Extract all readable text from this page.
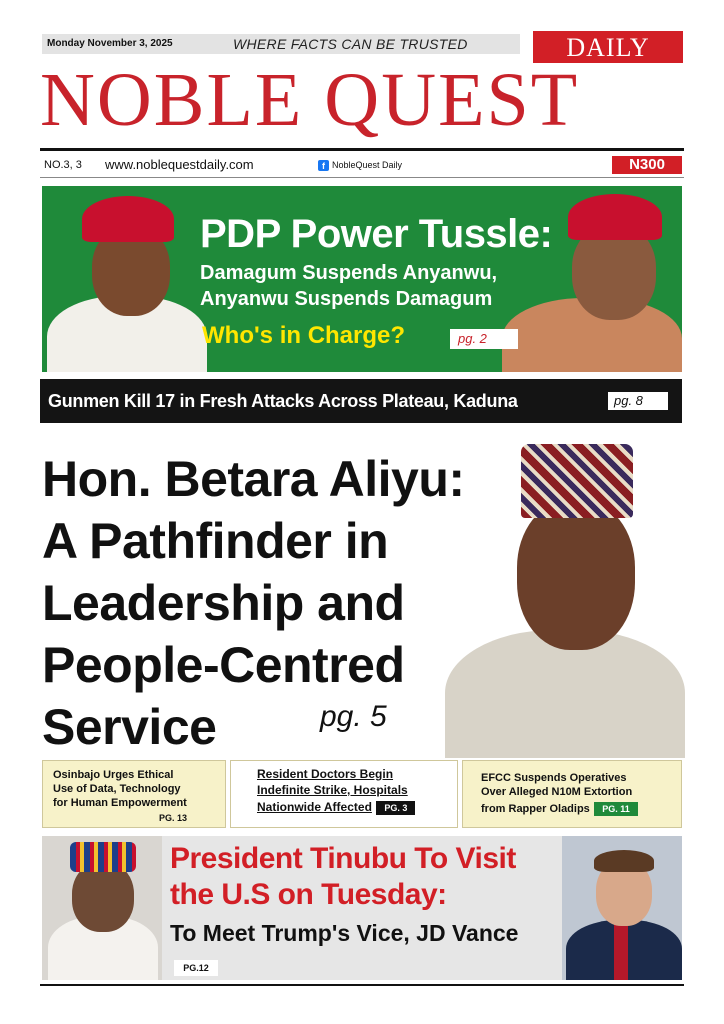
Monday November 3, 2025	WHERE FACTS CAN BE TRUSTED	DAILY
NOBLE QUEST
NO.3, 3 www.noblequestdaily.com	f NobleQuest Daily	N300
PDP Power Tussle:
Damagum Suspends Anyanwu,
Anyanwu Suspends Damagum
Who's in Charge?	pg. 2
Gunmen Kill 17 in Fresh Attacks Across Plateau, Kaduna	pg. 8
Hon. Betara Aliyu:
A Pathfinder in
Leadership and
People-Centred
Service	pg. 5
Osinbajo Urges Ethical
Use of Data, Technology
for Human Empowerment
PG. 13
Resident Doctors Begin
Indefinite Strike, Hospitals
Nationwide Affected PG. 3
EFCC Suspends Operatives
Over Alleged N10M Extortion
from Rapper Oladips PG. 11
President Tinubu To Visit
the U.S on Tuesday:
To Meet Trump's Vice, JD Vance
PG.12
